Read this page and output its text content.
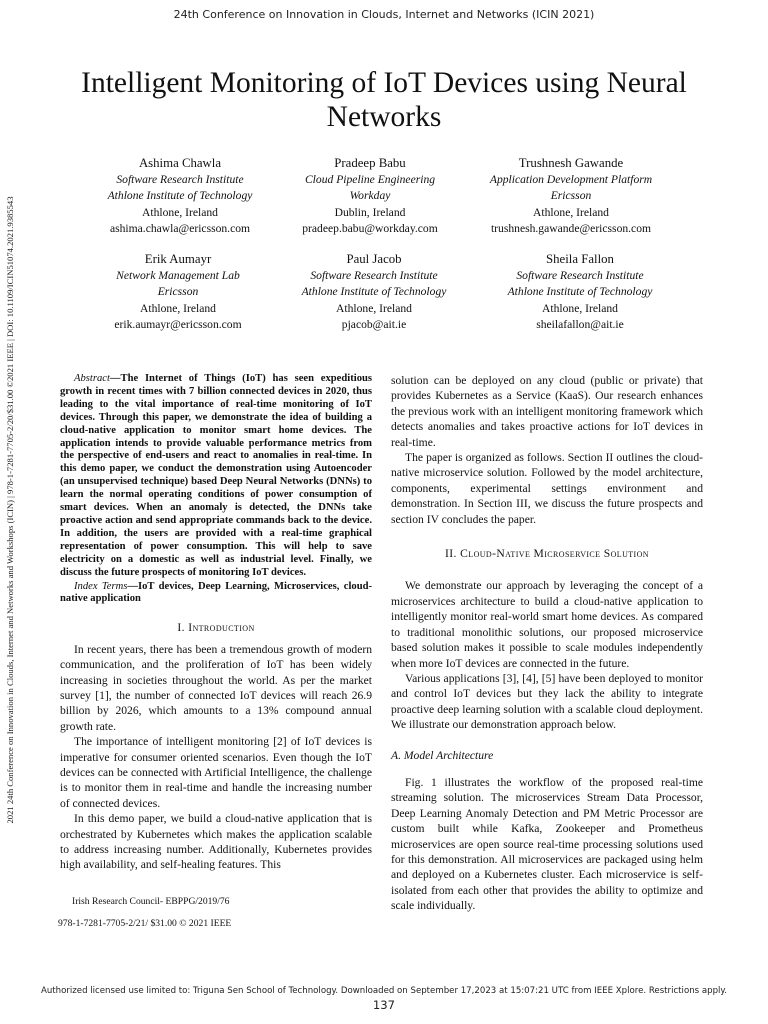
24th Conference on Innovation in Clouds, Internet and Networks (ICIN 2021)
2021 24th Conference on Innovation in Clouds, Internet and Networks and Workshops (ICIN) | 978-1-7281-7705-2/20/$31.00 ©2021 IEEE | DOI: 10.1109/ICIN51074.2021.9385543
Intelligent Monitoring of IoT Devices using Neural
Networks
Ashima Chawla
Software Research Institute
Athlone Institute of Technology
Athlone, Ireland
ashima.chawla@ericsson.com
Pradeep Babu
Cloud Pipeline Engineering
Workday
Dublin, Ireland
pradeep.babu@workday.com
Trushnesh Gawande
Application Development Platform
Ericsson
Athlone, Ireland
trushnesh.gawande@ericsson.com
Erik Aumayr
Network Management Lab
Ericsson
Athlone, Ireland
erik.aumayr@ericsson.com
Paul Jacob
Software Research Institute
Athlone Institute of Technology
Athlone, Ireland
pjacob@ait.ie
Sheila Fallon
Software Research Institute
Athlone Institute of Technology
Athlone, Ireland
sheilafallon@ait.ie

Abstract—The Internet of Things (IoT) has seen expeditious growth in recent times with 7 billion connected devices in 2020, thus leading to the vital importance of real-time monitoring of IoT devices. Through this paper, we demonstrate the idea of building a cloud-native application to monitor smart home devices. The application intends to provide valuable performance metrics from the perspective of end-users and react to anomalies in real-time. In this demo paper, we conduct the demonstration using Autoencoder (an unsupervised technique) based Deep Neural Networks (DNNs) to learn the normal operating conditions of power consumption of smart devices. When an anomaly is detected, the DNNs take proactive action and send appropriate commands back to the device. In addition, the users are provided with a real-time graphical representation of power consumption. This will help to save electricity on a domestic as well as industrial level. Finally, we discuss the future prospects of monitoring IoT devices.

Index Terms—IoT devices, Deep Learning, Microservices, cloud-native application

I. Introduction

In recent years, there has been a tremendous growth of modern communication, and the proliferation of IoT has been widely increasing in societies throughout the world. As per the market survey [1], the number of connected IoT devices will reach 26.9 billion by 2026, which amounts to a 13% compound annual growth rate.

The importance of intelligent monitoring [2] of IoT devices is imperative for consumer oriented scenarios. Even though the IoT devices can be connected with Artificial Intelligence, the challenge is to monitor them in real-time and handle the increasing number of connected devices.

In this demo paper, we build a cloud-native application that is orchestrated by Kubernetes which makes the application scalable to address increasing number. Additionally, Kubernetes provides high availability, and self-healing features. This

Irish Research Council- EBPPG/2019/76
978-1-7281-7705-2/21/ $31.00 © 2021 IEEE

solution can be deployed on any cloud (public or private) that provides Kubernetes as a Service (KaaS). Our research enhances the previous work with an intelligent monitoring framework which detects anomalies and takes proactive actions for IoT devices in real-time.

The paper is organized as follows. Section II outlines the cloud-native microservice solution. Followed by the model architecture, components, experimental settings environment and demonstration. In Section III, we discuss the future prospects and section IV concludes the paper.

II. Cloud-Native Microservice Solution

We demonstrate our approach by leveraging the concept of a microservices architecture to build a cloud-native application to intelligently monitor real-world smart home devices. As compared to traditional monolithic solutions, our proposed microservice based solution makes it possible to scale modules independently when more IoT devices are connected in the future.

Various applications [3], [4], [5] have been deployed to monitor and control IoT devices but they lack the ability to integrate proactive deep learning solution with a scalable cloud deployment. We illustrate our demonstration approach below.

A. Model Architecture

Fig. 1 illustrates the workflow of the proposed real-time streaming solution. The microservices Stream Data Processor, Deep Learning Anomaly Detection and PM Metric Processor are custom built while Kafka, Zookeeper and Prometheus microservices are open source real-time processing solutions used for this demonstration. All microservices are packaged using helm and deployed on a Kubernetes cluster. Each microservice is self-isolated from each other that provides the ability to optimize and scale individually.

Authorized licensed use limited to: Triguna Sen School of Technology. Downloaded on September 17,2023 at 15:07:21 UTC from IEEE Xplore. Restrictions apply.
137
